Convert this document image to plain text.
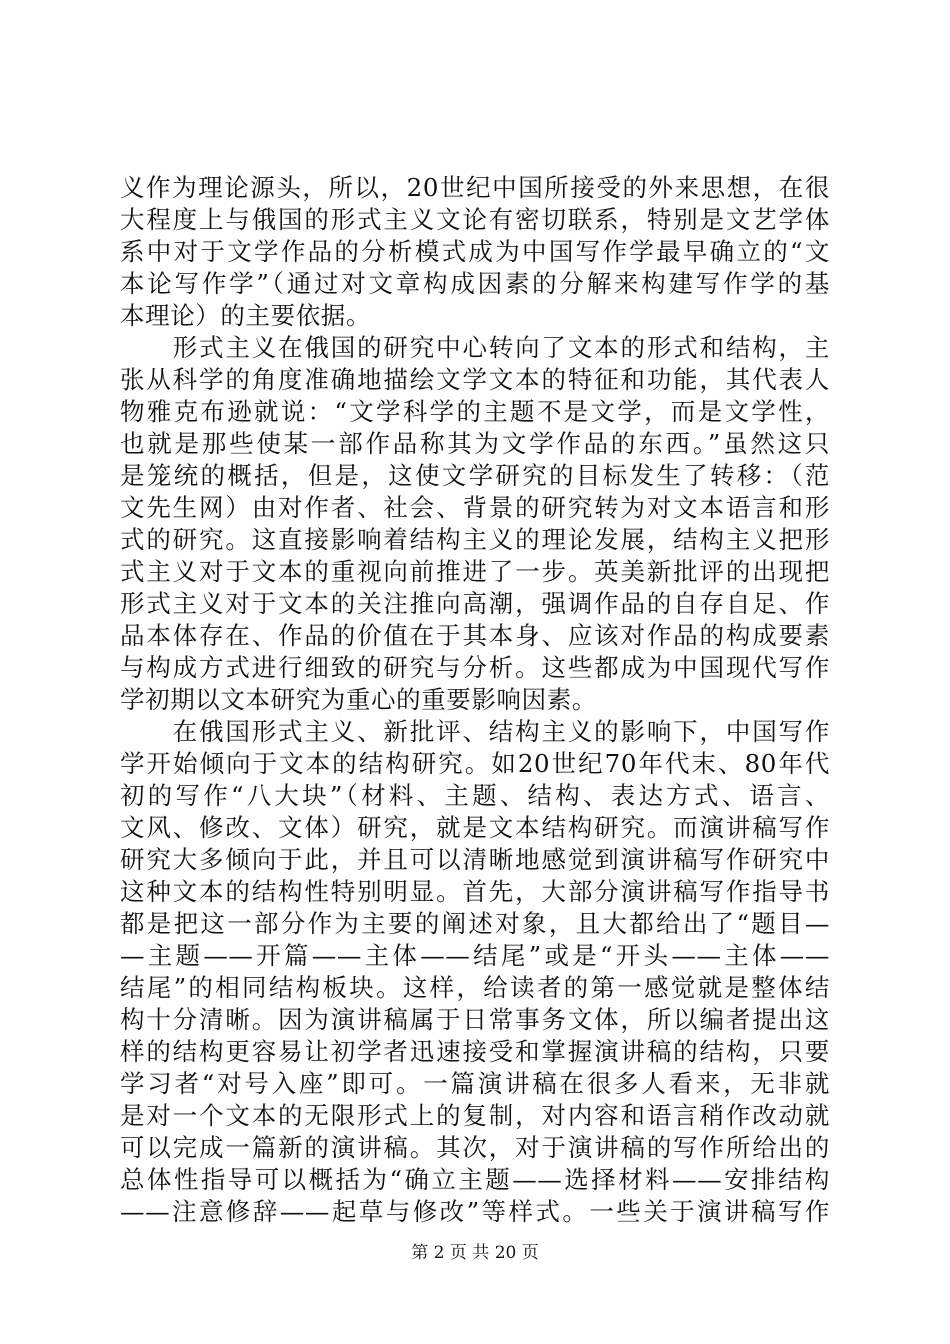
义作为理论源头，所以，20世纪中国所接受的外来思想，在很
大程度上与俄国的形式主义文论有密切联系，特别是文艺学体
系中对于文学作品的分析模式成为中国写作学最早确立的“文
本论写作学”（通过对文章构成因素的分解来构建写作学的基
本理论）的主要依据。
　　形式主义在俄国的研究中心转向了文本的形式和结构，主
张从科学的角度准确地描绘文学文本的特征和功能，其代表人
物雅克布逊就说：“文学科学的主题不是文学，而是文学性，
也就是那些使某一部作品称其为文学作品的东西。”虽然这只
是笼统的概括，但是，这使文学研究的目标发生了转移：（范
文先生网）由对作者、社会、背景的研究转为对文本语言和形
式的研究。这直接影响着结构主义的理论发展，结构主义把形
式主义对于文本的重视向前推进了一步。英美新批评的出现把
形式主义对于文本的关注推向高潮，强调作品的自存自足、作
品本体存在、作品的价值在于其本身、应该对作品的构成要素
与构成方式进行细致的研究与分析。这些都成为中国现代写作
学初期以文本研究为重心的重要影响因素。
　　在俄国形式主义、新批评、结构主义的影响下，中国写作
学开始倾向于文本的结构研究。如20世纪70年代末、80年代
初的写作“八大块”（材料、主题、结构、表达方式、语言、
文风、修改、文体）研究，就是文本结构研究。而演讲稿写作
研究大多倾向于此，并且可以清晰地感觉到演讲稿写作研究中
这种文本的结构性特别明显。首先，大部分演讲稿写作指导书
都是把这一部分作为主要的阐述对象，且大都给出了“题目—
—主题——开篇——主体——结尾”或是“开头——主体——
结尾”的相同结构板块。这样，给读者的第一感觉就是整体结
构十分清晰。因为演讲稿属于日常事务文体，所以编者提出这
样的结构更容易让初学者迅速接受和掌握演讲稿的结构，只要
学习者“对号入座”即可。一篇演讲稿在很多人看来，无非就
是对一个文本的无限形式上的复制，对内容和语言稍作改动就
可以完成一篇新的演讲稿。其次，对于演讲稿的写作所给出的
总体性指导可以概括为“确立主题——选择材料——安排结构
——注意修辞——起草与修改”等样式。一些关于演讲稿写作
第 2 页 共 20 页
